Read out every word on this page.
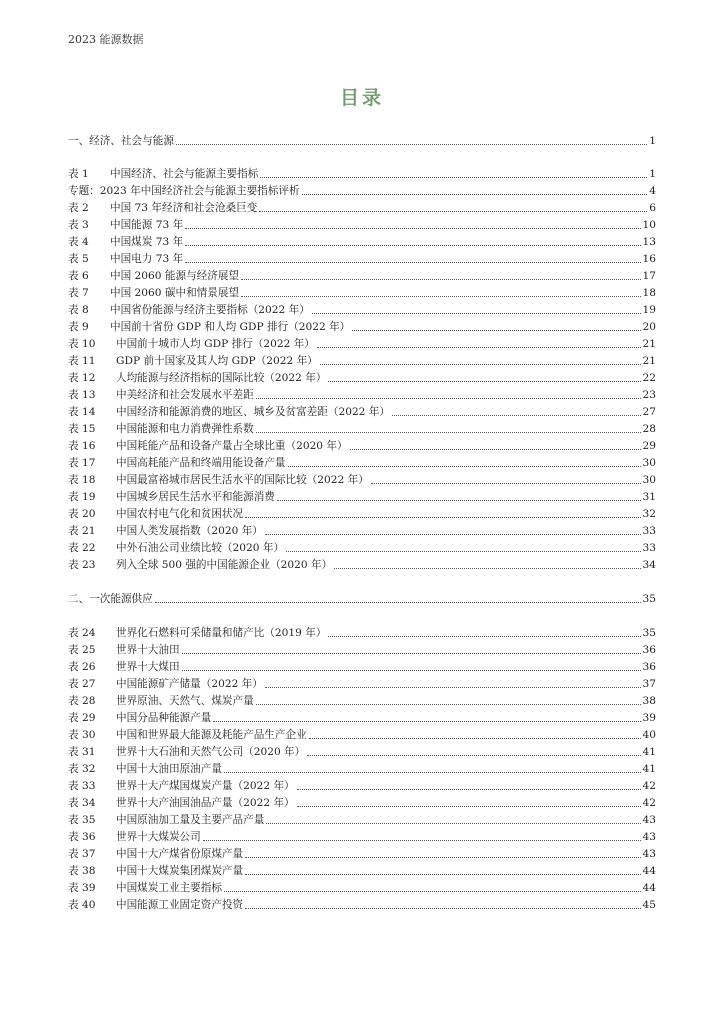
2023 能源数据
目录
一、经济、社会与能源	1
表 1	中国经济、社会与能源主要指标	1
专题：2023 年中国经济社会与能源主要指标评析	4
表 2	中国 73 年经济和社会沧桑巨变	6
表 3	中国能源 73 年	10
表 4	中国煤炭 73 年	13
表 5	中国电力 73 年	16
表 6	中国 2060 能源与经济展望	17
表 7	中国 2060 碳中和情景展望	18
表 8	中国省份能源与经济主要指标（2022 年）	19
表 9	中国前十省份 GDP 和人均 GDP 排行（2022 年）	20
表 10	中国前十城市人均 GDP 排行（2022 年）	21
表 11	GDP 前十国家及其人均 GDP（2022 年）	21
表 12	人均能源与经济指标的国际比较（2022 年）	22
表 13	中美经济和社会发展水平差距	23
表 14	中国经济和能源消费的地区、城乡及贫富差距（2022 年）	27
表 15	中国能源和电力消费弹性系数	28
表 16	中国耗能产品和设备产量占全球比重（2020 年）	29
表 17	中国高耗能产品和终端用能设备产量	30
表 18	中国最富裕城市居民生活水平的国际比较（2022 年）	30
表 19	中国城乡居民生活水平和能源消费	31
表 20	中国农村电气化和贫困状况	32
表 21	中国人类发展指数（2020 年）	33
表 22	中外石油公司业绩比较（2020 年）	33
表 23	列入全球 500 强的中国能源企业（2020 年）	34
二、一次能源供应	35
表 24	世界化石燃料可采储量和储产比（2019 年）	35
表 25	世界十大油田	36
表 26	世界十大煤田	36
表 27	中国能源矿产储量（2022 年）	37
表 28	世界原油、天然气、煤炭产量	38
表 29	中国分品种能源产量	39
表 30	中国和世界最大能源及耗能产品生产企业	40
表 31	世界十大石油和天然气公司（2020 年）	41
表 32	中国十大油田原油产量	41
表 33	世界十大产煤国煤炭产量（2022 年）	42
表 34	世界十大产油国油品产量（2022 年）	42
表 35	中国原油加工量及主要产品产量	43
表 36	世界十大煤炭公司	43
表 37	中国十大产煤省份原煤产量	43
表 38	中国十大煤炭集团煤炭产量	44
表 39	中国煤炭工业主要指标	44
表 40	中国能源工业固定资产投资	45
